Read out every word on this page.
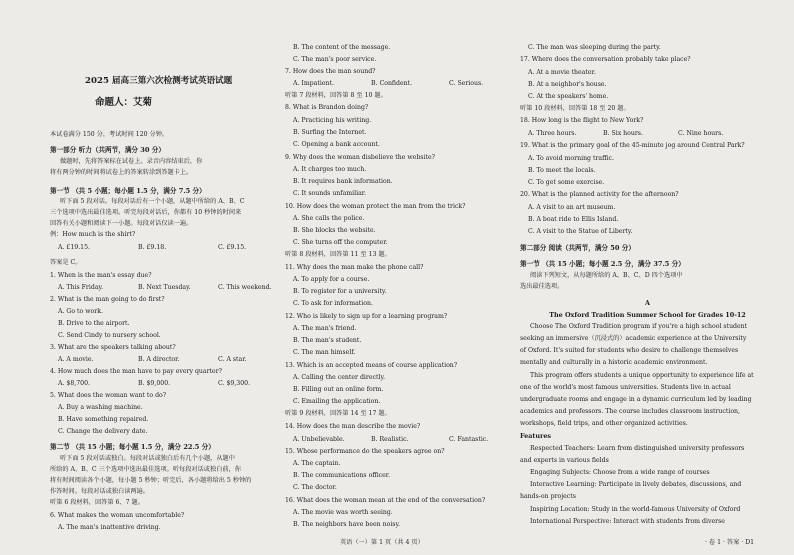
2025 届高三第六次检测考试英语试题
命题人：艾菊
本试卷满分 150 分，考试时间 120 分钟。
第一部分 听力（共两节，满分 30 分）
做题时，先将答案标在试卷上。录音内容结束后，你
将有两分钟的时间将试卷上的答案转涂到答题卡上。
第一节 （共 5 小题；每小题 1.5 分，满分 7.5 分）
听下面 5 段对话。每段对话后有一个小题，从题中所给的 A、B、C
三个选项中选出最佳选项。听完每段对话后，你都有 10 秒钟的时间来
回答有关小题和阅读下一小题。每段对话仅读一遍。
例：How much is the shirt?
A. £19.15.	B. £9.18.	C. £9.15.
答案是 C。
1. When is the man's essay due?
A. This Friday.	B. Next Tuesday.	C. This weekend.
2. What is the man going to do first?
A. Go to work.
B. Drive to the airport.
C. Send Cindy to nursery school.
3. What are the speakers talking about?
A. A movie.	B. A director.	C. A star.
4. How much does the man have to pay every quarter?
A. $8,700.	B. $9,000.	C. $9,300.
5. What does the woman want to do?
A. Buy a washing machine.
B. Have something repaired.
C. Change the delivery date.
第二节 （共 15 小题；每小题 1.5 分，满分 22.5 分）
听下面 5 段对话或独白。每段对话或独白后有几个小题，从题中
所给的 A、B、C 三个选项中选出最佳选项。听每段对话或独白前，你
将有时间阅读各个小题，每小题 5 秒钟；听完后，各小题将给出 5 秒钟的
作答时间。每段对话或独白读两遍。
听第 6 段材料，回答第 6、7 题。
6. What makes the woman uncomfortable?
A. The man's inattentive driving.
B. The content of the message.
C. The man's poor service.
7. How does the man sound?
A. Impatient.	B. Confident.	C. Serious.
听第 7 段材料，回答第 8 至 10 题。
8. What is Brandon doing?
A. Practicing his writing.
B. Surfing the Internet.
C. Opening a bank account.
9. Why does the woman disbelieve the website?
A. It charges too much.
B. It requires bank information.
C. It sounds unfamiliar.
10. How does the woman protect the man from the trick?
A. She calls the police.
B. She blocks the website.
C. She turns off the computer.
听第 8 段材料，回答第 11 至 13 题。
11. Why does the man make the phone call?
A. To apply for a course.
B. To register for a university.
C. To ask for information.
12. Who is likely to sign up for a learning program?
A. The man's friend.
B. The man's student.
C. The man himself.
13. Which is an accepted means of course application?
A. Calling the center directly.
B. Filling out an online form.
C. Emailing the application.
听第 9 段材料，回答第 14 至 17 题。
14. How does the man describe the movie?
A. Unbelievable.	B. Realistic.	C. Fantastic.
15. Whose performance do the speakers agree on?
A. The captain.
B. The communications officer.
C. The doctor.
16. What does the woman mean at the end of the conversation?
A. The movie was worth seeing.
B. The neighbors have been noisy.
C. The man was sleeping during the party.
17. Where does the conversation probably take place?
A. At a movie theater.
B. At a neighbor's house.
C. At the speakers' home.
听第 10 段材料，回答第 18 至 20 题。
18. How long is the flight to New York?
A. Three hours.	B. Six hours.	C. Nine hours.
19. What is the primary goal of the 45-minute jog around Central Park?
A. To avoid morning traffic.
B. To meet the locals.
C. To get some exercise.
20. What is the planned activity for the afternoon?
A. A visit to an art museum.
B. A boat ride to Ellis Island.
C. A visit to the Statue of Liberty.
第二部分 阅读（共两节，满分 50 分）
第一节 （共 15 小题；每小题 2.5 分，满分 37.5 分）
阅读下列短文，从每题所给的 A、B、C、D 四个选项中
选出最佳选项。
A
The Oxford Tradition Summer School for Grades 10-12
Choose The Oxford Tradition program if you're a high school student
seeking an immersive（沉浸式的）academic experience at the University
of Oxford. It's suited for students who desire to challenge themselves
mentally and culturally in a historic academic environment.
This program offers students a unique opportunity to experience life at
one of the world's most famous universities. Students live in actual
undergraduate rooms and engage in a dynamic curriculum led by leading
academics and professors. The course includes classroom instruction,
workshops, field trips, and other organized activities.
Features
Respected Teachers: Learn from distinguished university professors
and experts in various fields
Engaging Subjects: Choose from a wide range of courses
Interactive Learning: Participate in lively debates, discussions, and
hands-on projects
Inspiring Location: Study in the world-famous University of Oxford
International Perspective: Interact with students from diverse
英语（一）第 1 页（共 4 页）	· 卷 1 · 答案 · D1
